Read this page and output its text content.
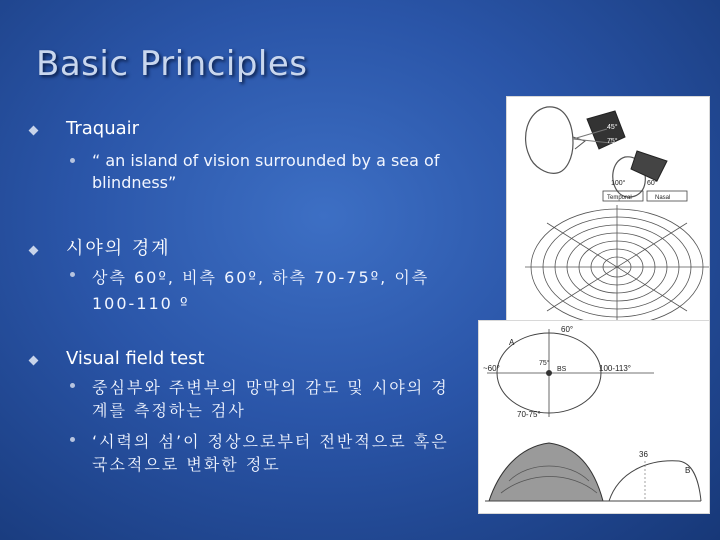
Basic Principles
Traquair
“ an island of vision surrounded by a sea of blindness”
시야의 경계
상측 60º, 비측 60º, 하측 70-75º, 이측 100-110 º
Visual field test
중심부와 주변부의 망막의 감도 및 시야의 경계를 측정하는 검사
‘시력의 섬’이 정상으로부터 전반적으로 혹은 국소적으로 변화한 정도
45°
75°
100°	60°
Temporal	Nasal
60°
A
~60°
75°
BS	100-113°
70-75°
36
B
